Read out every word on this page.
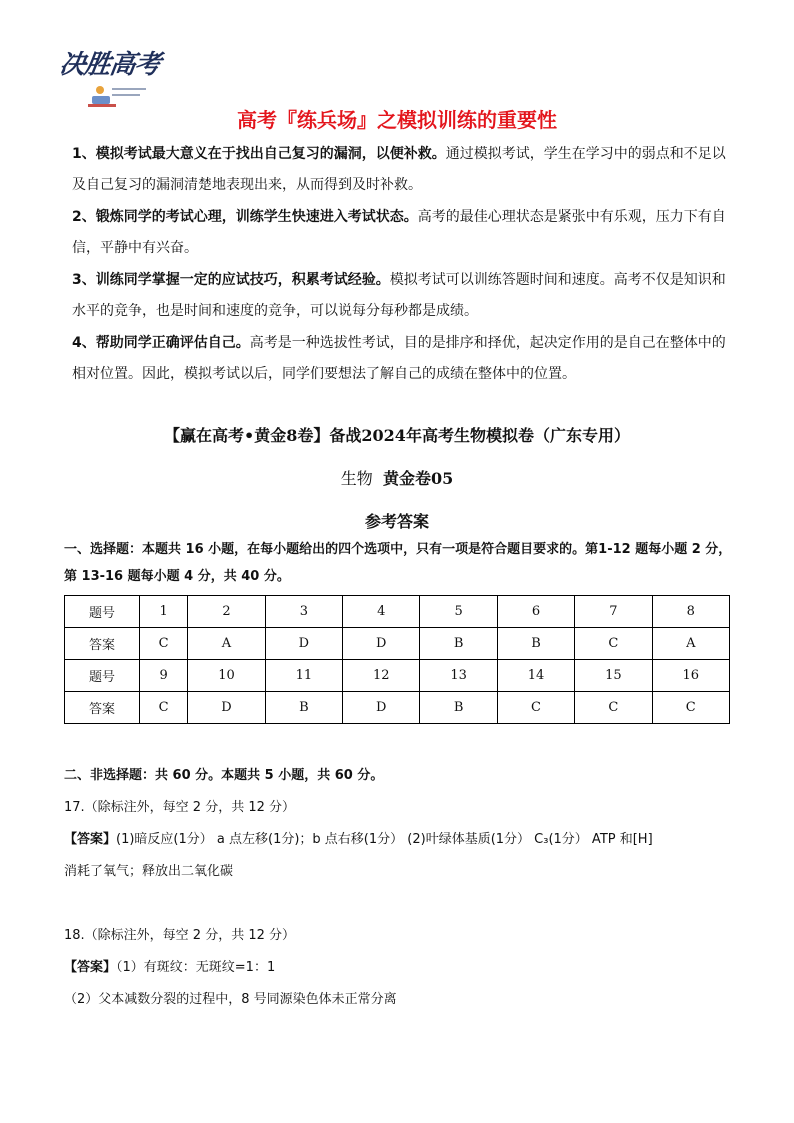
决胜高考
高考『练兵场』之模拟训练的重要性

1、模拟考试最大意义在于找出自己复习的漏洞，以便补救。通过模拟考试，学生在学习中的弱点和不足以及自己复习的漏洞清楚地表现出来，从而得到及时补救。

2、锻炼同学的考试心理，训练学生快速进入考试状态。高考的最佳心理状态是紧张中有乐观，压力下有自信，平静中有兴奋。

3、训练同学掌握一定的应试技巧，积累考试经验。模拟考试可以训练答题时间和速度。高考不仅是知识和水平的竞争，也是时间和速度的竞争，可以说每分每秒都是成绩。

4、帮助同学正确评估自己。高考是一种选拔性考试，目的是排序和择优，起决定作用的是自己在整体中的相对位置。因此，模拟考试以后，同学们要想法了解自己的成绩在整体中的位置。

【赢在高考•黄金8卷】备战2024年高考生物模拟卷（广东专用）
生物 黄金卷05
参考答案

一、选择题：本题共 16 小题，在每小题给出的四个选项中，只有一项是符合题目要求的。第1-12 题每小题 2 分，第 13-16 题每小题 4 分，共 40 分。

题号	1	2	3	4	5	6	7	8
答案	C	A	D	D	B	B	C	A
题号	9	10	11	12	13	14	15	16
答案	C	D	B	D	B	C	C	C

二、非选择题：共 60 分。本题共 5 小题，共 60 分。

17.（除标注外，每空 2 分，共 12 分）

【答案】(1)暗反应(1分） a 点左移(1分)；b 点右移(1分） (2)叶绿体基质(1分） C₃(1分） ATP 和[H]

消耗了氧气；释放出二氧化碳

18.（除标注外，每空 2 分，共 12 分）

【答案】（1）有斑纹：无斑纹=1：1

（2）父本减数分裂的过程中，8 号同源染色体未正常分离
